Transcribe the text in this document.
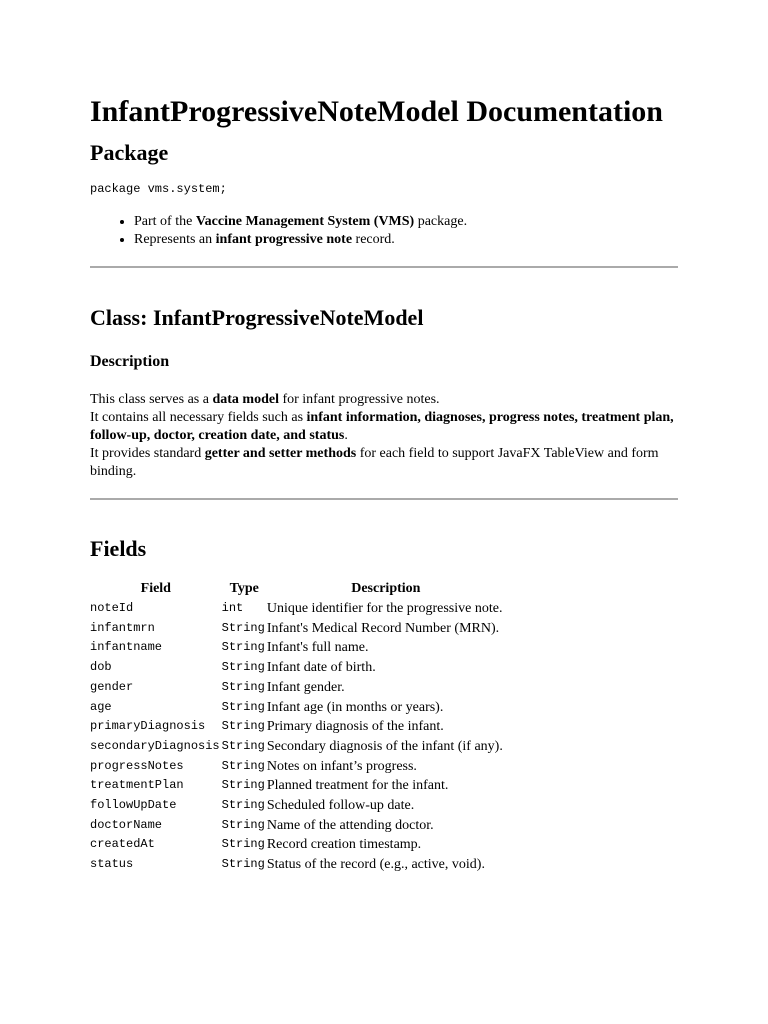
InfantProgressiveNoteModel Documentation
Package
package vms.system;
• Part of the Vaccine Management System (VMS) package.
• Represents an infant progressive note record.
Class: InfantProgressiveNoteModel
Description
This class serves as a data model for infant progressive notes.
It contains all necessary fields such as infant information, diagnoses, progress notes, treatment plan, follow-up, doctor, creation date, and status.
It provides standard getter and setter methods for each field to support JavaFX TableView and form binding.
Fields
Field	Type	Description
noteId	int	Unique identifier for the progressive note.
infantmrn	String	Infant's Medical Record Number (MRN).
infantname	String	Infant's full name.
dob	String	Infant date of birth.
gender	String	Infant gender.
age	String	Infant age (in months or years).
primaryDiagnosis	String	Primary diagnosis of the infant.
secondaryDiagnosis	String	Secondary diagnosis of the infant (if any).
progressNotes	String	Notes on infant’s progress.
treatmentPlan	String	Planned treatment for the infant.
followUpDate	String	Scheduled follow-up date.
doctorName	String	Name of the attending doctor.
createdAt	String	Record creation timestamp.
status	String	Status of the record (e.g., active, void).
